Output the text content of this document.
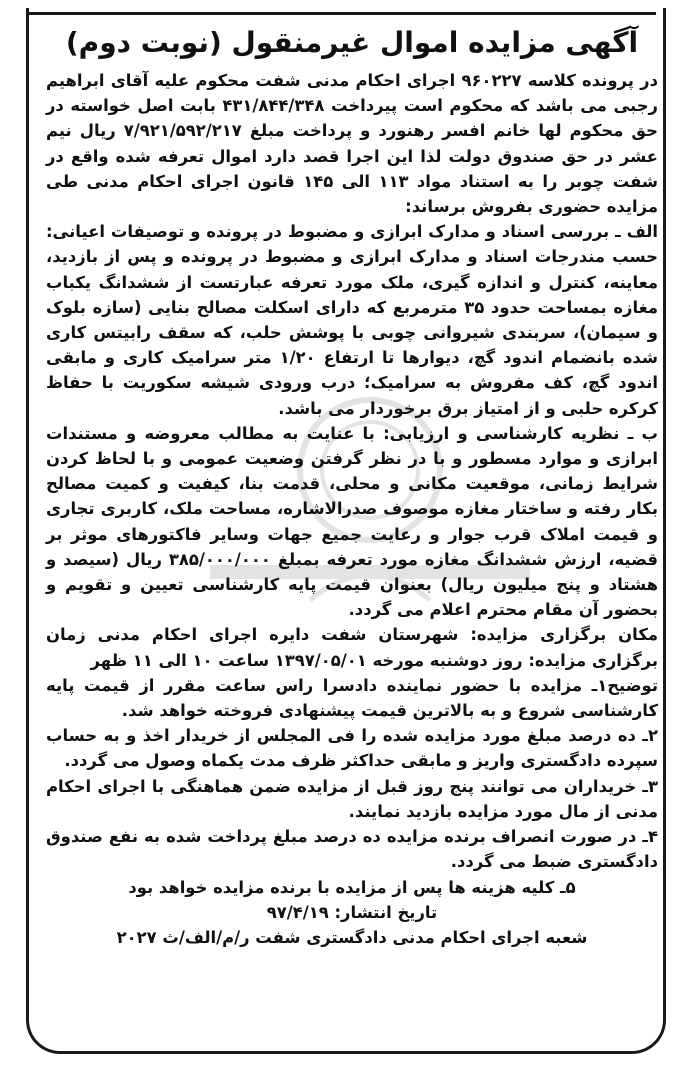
آگهی مزایده اموال غیرمنقول (نوبت دوم)

در پرونده کلاسه ۹۶۰۲۲۷ اجرای احکام مدنی شفت محکوم علیه آقای ابراهیم رجبی می باشد که محکوم است پیرداخت ۴۳۱/۸۴۴/۳۴۸ بابت اصل خواسته در حق محکوم لها خانم افسر رهنورد و پرداخت مبلغ ۷/۹۲۱/۵۹۲/۲۱۷ ریال نیم عشر در حق صندوق دولت لذا این اجرا قصد دارد اموال تعرفه شده واقع در شفت چوبر را به استناد مواد ۱۱۳ الی ۱۴۵ قانون اجرای احکام مدنی طی مزایده حضوری بفروش برساند:

الف ـ بررسی اسناد و مدارک ابرازی و مضبوط در پرونده و توصیفات اعیانی: حسب مندرجات اسناد و مدارک ابرازی و مضبوط در پرونده و پس از بازدید، معاینه، کنترل و اندازه گیری، ملک مورد تعرفه عبارتست از ششدانگ یکباب مغازه بمساحت حدود ۳۵ مترمربع که دارای اسکلت مصالح بنایی (سازه بلوک و سیمان)، سربندی شیروانی چوبی با پوشش حلب، که سقف رابیتس کاری شده بانضمام اندود گچ، دیوارها تا ارتفاع ۱/۲۰ متر سرامیک کاری و مابقی اندود گچ، کف مفروش به سرامیک؛ درب ورودی شیشه سکوریت با حفاظ کرکره حلبی و از امتیاز برق برخوردار می باشد.

ب ـ نظریه کارشناسی و ارزیابی: با عنایت به مطالب معروضه و مستندات ابرازی و موارد مسطور و با در نظر گرفتن وضعیت عمومی و با لحاظ کردن شرایط زمانی، موقعیت مکانی و محلی، قدمت بنا، کیفیت و کمیت مصالح بکار رفته و ساختار مغازه موصوف صدرالاشاره، مساحت ملک، کاربری تجاری و قیمت املاک قرب جوار و رعایت جمیع جهات وسایر فاکتورهای موثر بر قضیه، ارزش ششدانگ مغازه مورد تعرفه بمبلغ ۳۸۵/۰۰۰/۰۰۰ ریال (سیصد و هشتاد و پنج میلیون ریال) بعنوان قیمت پایه کارشناسی تعیین و تقویم و بحضور آن مقام محترم اعلام می گردد.

مکان برگزاری مزایده: شهرستان شفت دایره اجرای احکام مدنی زمان برگزاری مزایده: روز دوشنبه مورخه ۱۳۹۷/۰۵/۰۱ ساعت ۱۰ الی ۱۱ ظهر

توضیح۱ـ مزایده با حضور نماینده دادسرا راس ساعت مقرر از قیمت پایه کارشناسی شروع و به بالاترین قیمت پیشنهادی فروخته خواهد شد.

۲ـ ده درصد مبلغ مورد مزایده شده را فی المجلس از خریدار اخذ و به حساب سپرده دادگستری واریز و مابقی حداکثر ظرف مدت یکماه وصول می گردد.

۳ـ خریداران می توانند پنج روز قبل از مزایده ضمن هماهنگی با اجرای احکام مدنی از مال مورد مزایده بازدید نمایند.

۴ـ در صورت انصراف برنده مزایده ده درصد مبلغ پرداخت شده به نفع صندوق دادگستری ضبط می گردد.

۵ـ کلیه هزینه ها پس از مزایده با برنده مزایده خواهد بود

تاریخ انتشار: ۹۷/۴/۱۹

شعبه اجرای احکام مدنی دادگستری شفت ر/م/الف/ث ۲۰۲۷
